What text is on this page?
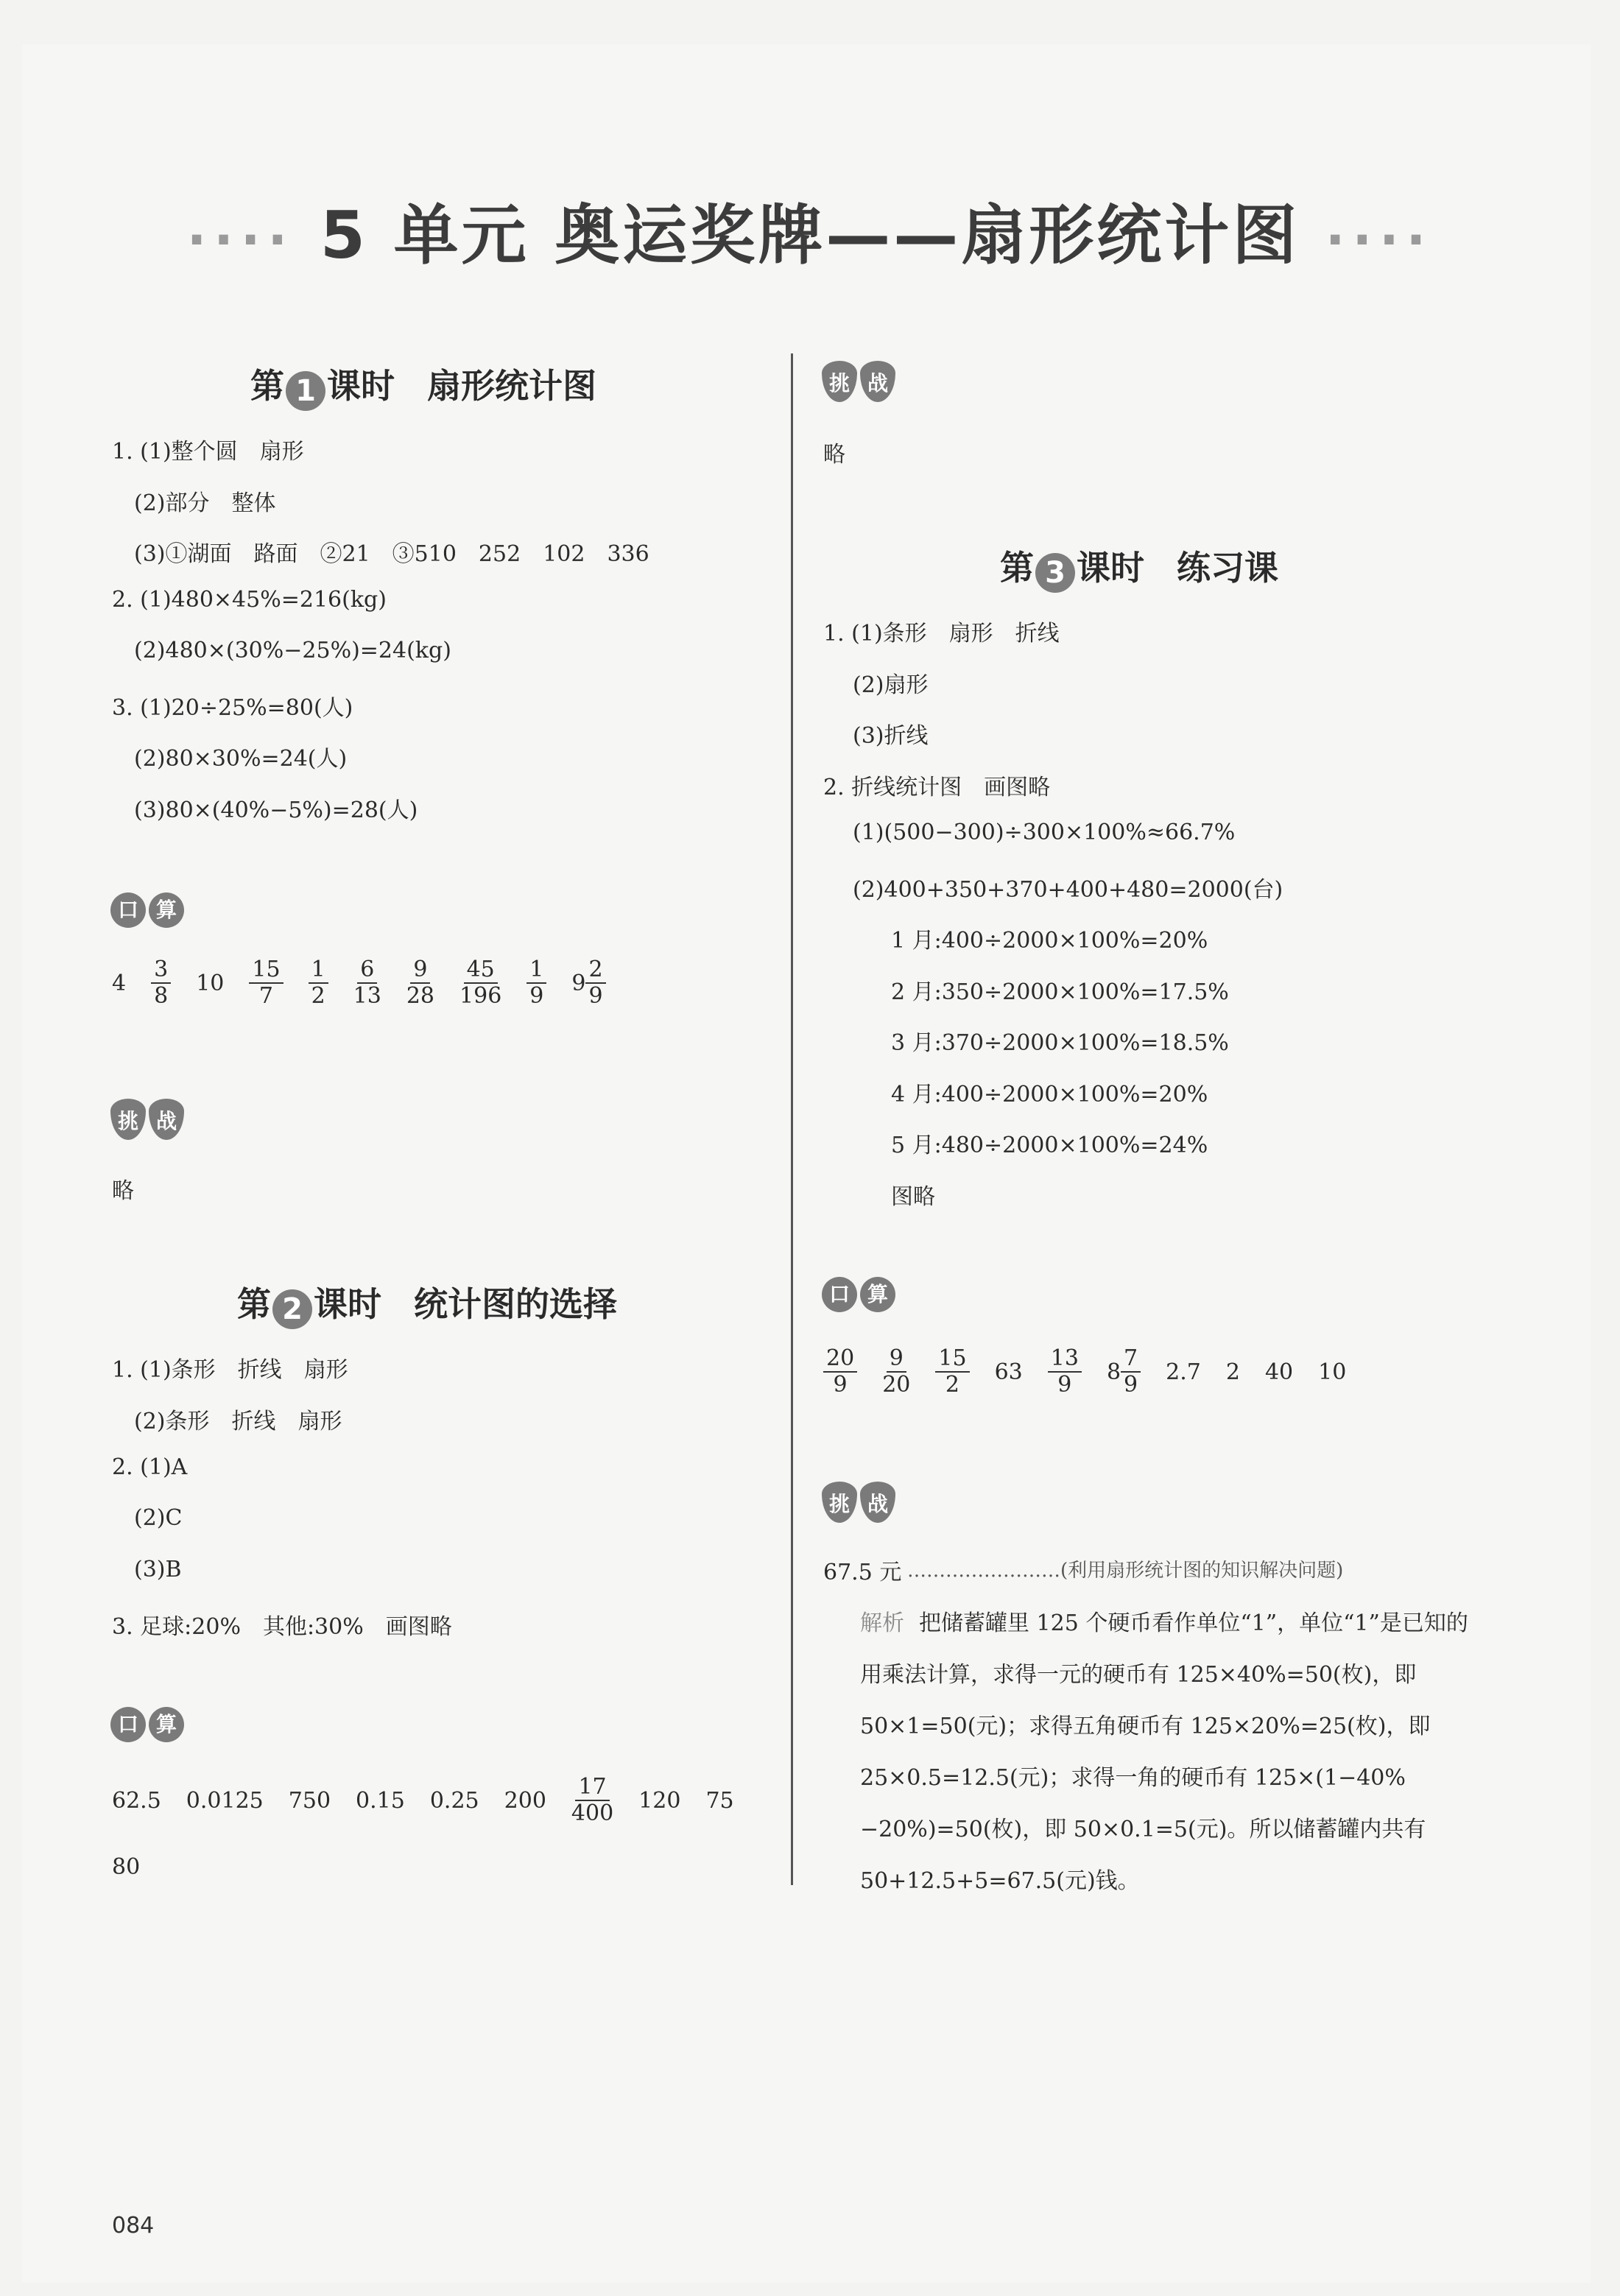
···· 5 单元 奥运奖牌——扇形统计图 ····
第 1 课时 扇形统计图
1. (1)整个圆　扇形
(2)部分　整体
(3)①湖面　路面　②21　③510　252　102　336
2. (1)480×45%=216(kg)
(2)480×(30%−25%)=24(kg)
3. (1)20÷25%=80(人)
(2)80×30%=24(人)
(3)80×(40%−5%)=28(人)
口 算
$4 \frac{3}{8} 10 \frac{15}{7} \frac{1}{2} \frac{6}{13} \frac{9}{28} \frac{45}{196} \frac{1}{9} 9 \frac{2}{9}$
挑 战
略
第 2 课时 统计图的选择
1. (1)条形　折线　扇形
(2)条形　折线　扇形
2. (1)A
(2)C
(3)B
3. 足球:20%　其他:30%　画图略
口 算
62.5 0.0125 750 0.15 0.25 $200 \frac{17}{400} 120$ 75
80
挑 战
略
第 3 课时 练习课
1. (1)条形　扇形　折线
(2)扇形
(3)折线
2. 折线统计图　画图略
(1)(500−300)÷300×100%≈66.7%
(2)400+350+370+400+480=2000(台)
1 月:400÷2000×100%=20%
2 月:350÷2000×100%=17.5%
3 月:370÷2000×100%=18.5%
4 月:400÷2000×100%=20%
5 月:480÷2000×100%=24%
图略
口 算
$\frac{20}{9} \frac{9}{20} \frac{15}{2} 63 \frac{13}{9} 8 \frac{7}{9} 2.7$ 2 40 10
挑 战
67.5 元 ……………………(利用扇形统计图的知识解决问题)
解析 把储蓄罐里 125 个硬币看作单位“1”，单位“1”是已知的用乘法计算，求得一元的硬币有 125×40%=50(枚)，即 50×1=50(元)；求得五角硬币有 125×20%=25(枚)，即 25×0.5=12.5(元)；求得一角的硬币有 125×(1−40%−20%)=50(枚)，即 50×0.1=5(元)。所以储蓄罐内共有 50+12.5+5=67.5(元)钱。
084
